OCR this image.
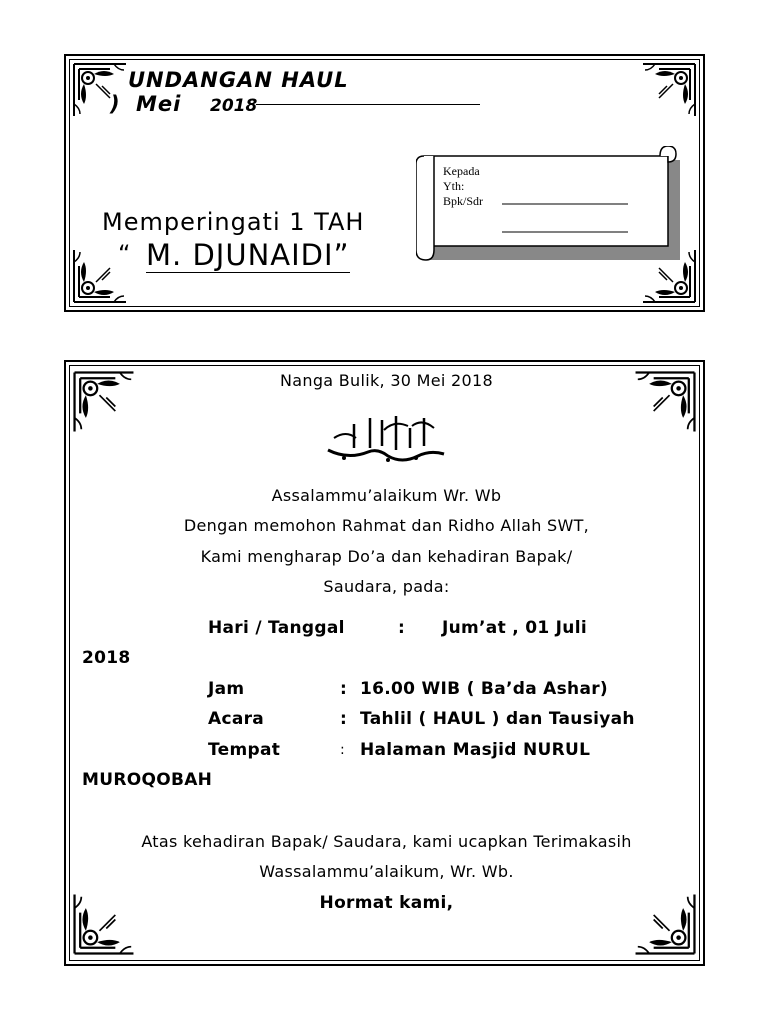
UNDANGAN HAUL
) Mei 2018
Memperingati 1 TAH
“ M. DJUNAIDI”
Kepada
Yth:
Bpk/Sdr
Nanga Bulik, 30 Mei 2018
Assalammu’alaikum Wr. Wb
Dengan memohon Rahmat dan Ridho Allah SWT,
Kami mengharap Do’a dan kehadiran Bapak/
Saudara, pada:
Hari / Tanggal	: Jum’at , 01 Juli
2018
Jam	: 16.00 WIB ( Ba’da Ashar)
Acara	: Tahlil ( HAUL ) dan Tausiyah
Tempat	: Halaman Masjid NURUL
MUROQOBAH
Atas kehadiran Bapak/ Saudara, kami ucapkan Terimakasih
Wassalammu’alaikum, Wr. Wb.
Hormat kami,
